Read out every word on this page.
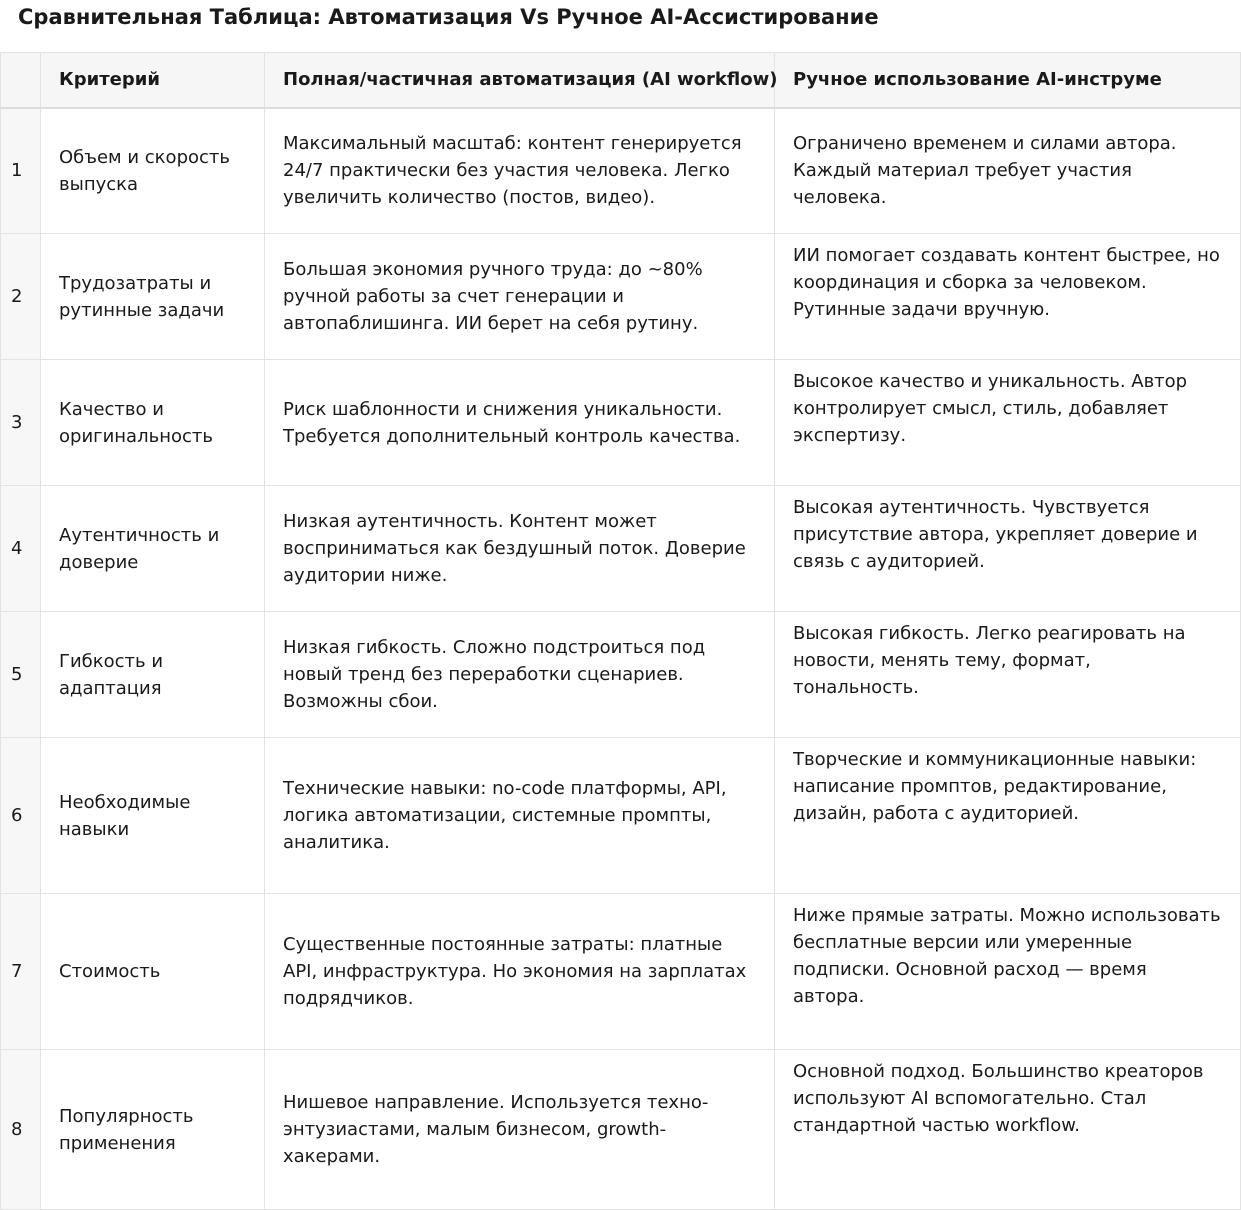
Сравнительная Таблица: Автоматизация Vs Ручное AI-Ассистирование
	Критерий	Полная/частичная автоматизация (AI workflow)	Ручное использование AI-инструме
1	Объем и скорость выпуска	Максимальный масштаб: контент генерируется 24/7 практически без участия человека. Легко увеличить количество (постов, видео).	Ограничено временем и силами автора. Каждый материал требует участия человека.
2	Трудозатраты и рутинные задачи	Большая экономия ручного труда: до ~80% ручной работы за счет генерации и автопаблишинга. ИИ берет на себя рутину.	ИИ помогает создавать контент быстрее, но координация и сборка за человеком. Рутинные задачи вручную.
3	Качество и оригинальность	Риск шаблонности и снижения уникальности. Требуется дополнительный контроль качества.	Высокое качество и уникальность. Автор контролирует смысл, стиль, добавляет экспертизу.
4	Аутентичность и доверие	Низкая аутентичность. Контент может восприниматься как бездушный поток. Доверие аудитории ниже.	Высокая аутентичность. Чувствуется присутствие автора, укрепляет доверие и связь с аудиторией.
5	Гибкость и адаптация	Низкая гибкость. Сложно подстроиться под новый тренд без переработки сценариев. Возможны сбои.	Высокая гибкость. Легко реагировать на новости, менять тему, формат, тональность.
6	Необходимые навыки	Технические навыки: no-code платформы, API, логика автоматизации, системные промпты, аналитика.	Творческие и коммуникационные навыки: написание промптов, редактирование, дизайн, работа с аудиторией.
7	Стоимость	Существенные постоянные затраты: платные API, инфраструктура. Но экономия на зарплатах подрядчиков.	Ниже прямые затраты. Можно использовать бесплатные версии или умеренные подписки. Основной расход — время автора.
8	Популярность применения	Нишевое направление. Используется техно-энтузиастами, малым бизнесом, growth-хакерами.	Основной подход. Большинство креаторов используют AI вспомогательно. Стал стандартной частью workflow.
